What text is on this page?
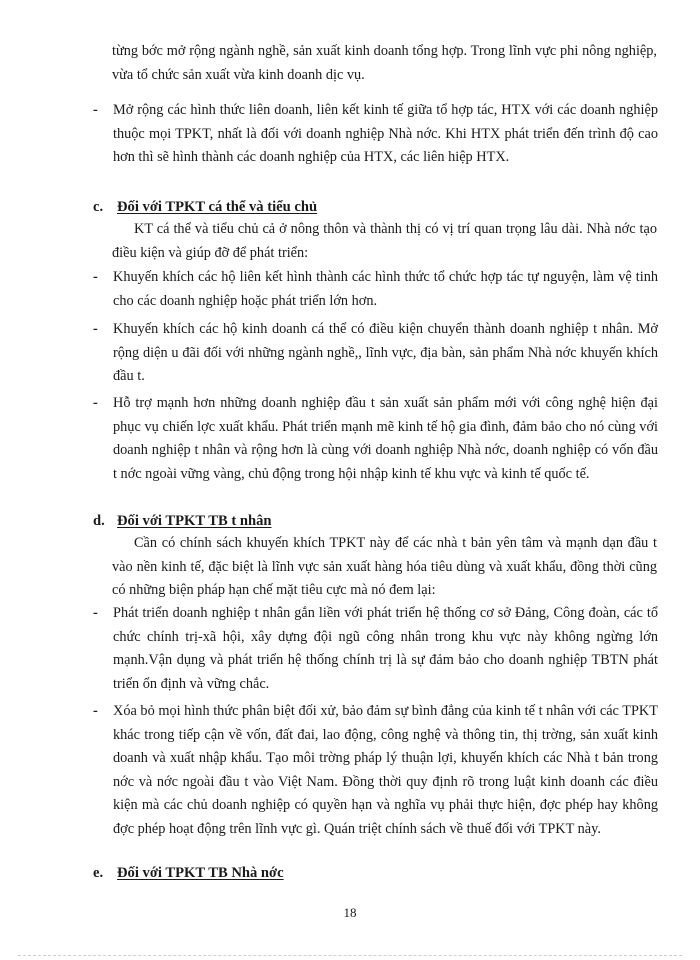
từng bớc mở rộng ngành nghề, sản xuất kinh doanh tổng hợp. Trong lĩnh vực phi nông nghiệp, vừa tổ chức sản xuất vừa kinh doanh dịc vụ.

-	Mở rộng các hình thức liên doanh, liên kết kinh tế giữa tổ hợp tác, HTX với các doanh nghiệp thuộc mọi TPKT, nhất là đối với doanh nghiệp Nhà nớc. Khi HTX phát triển đến trình độ cao hơn thì sẽ hình thành các doanh nghiệp của HTX, các liên hiệp HTX.
c. Đối với TPKT cá thể và tiểu chủ

KT cá thể và tiểu chủ cả ở nông thôn và thành thị có vị trí quan trọng lâu dài. Nhà nớc tạo điều kiện và giúp đỡ để phát triển:

-	Khuyến khích các hộ liên kết hình thành các hình thức tổ chức hợp tác tự nguyện, làm vệ tinh cho các doanh nghiệp hoặc phát triển lớn hơn.
-	Khuyến khích các hộ kinh doanh cá thể có điều kiện chuyển thành doanh nghiệp t nhân. Mở rộng diện u đãi đối với những ngành nghề,, lĩnh vực, địa bàn, sản phẩm Nhà nớc khuyến khích đầu t.
-	Hỗ trợ mạnh hơn những doanh nghiệp đầu t sản xuất sản phẩm mới với công nghệ hiện đại phục vụ chiến lợc xuất khẩu. Phát triển mạnh mẽ kinh tế hộ gia đình, đảm bảo cho nó cùng với doanh nghiệp t nhân và rộng hơn là cùng với doanh nghiệp Nhà nớc, doanh nghiệp có vốn đầu t nớc ngoài vững vàng, chủ động trong hội nhập kinh tế khu vực và kinh tế quốc tế.
d. Đối với TPKT TB t nhân

Cần có chính sách khuyến khích TPKT này để các nhà t bản yên tâm và mạnh dạn đầu t vào nền kinh tế, đặc biệt là lĩnh vực sản xuất hàng hóa tiêu dùng và xuất khẩu, đồng thời cũng có những biện pháp hạn chế mặt tiêu cực mà nó đem lại:

-	Phát triển doanh nghiệp t nhân gắn liền với phát triển hệ thống cơ sở Đảng, Công đoàn, các tổ chức chính trị-xã hội, xây dựng đội ngũ công nhân trong khu vực này không ngừng lớn mạnh.Vận dụng và phát triển hệ thống chính trị là sự đảm bảo cho doanh nghiệp TBTN phát triển ổn định và vững chắc.
-	Xóa bỏ mọi hình thức phân biệt đối xử, bảo đảm sự bình đẳng của kinh tế t nhân với các TPKT khác trong tiếp cận về vốn, đất đai, lao động, công nghệ và thông tin, thị trờng, sản xuất kinh doanh và xuất nhập khẩu. Tạo môi trờng pháp lý thuận lợi, khuyến khích các Nhà t bản trong nớc và nớc ngoài đầu t vào Việt Nam. Đồng thời quy định rõ trong luật kinh doanh các điều kiện mà các chủ doanh nghiệp có quyền hạn và nghĩa vụ phải thực hiện, đợc phép hay không đợc phép hoạt động trên lĩnh vực gì. Quán triệt chính sách về thuế đối với TPKT này.
e. Đối với TPKT TB Nhà nớc
18
